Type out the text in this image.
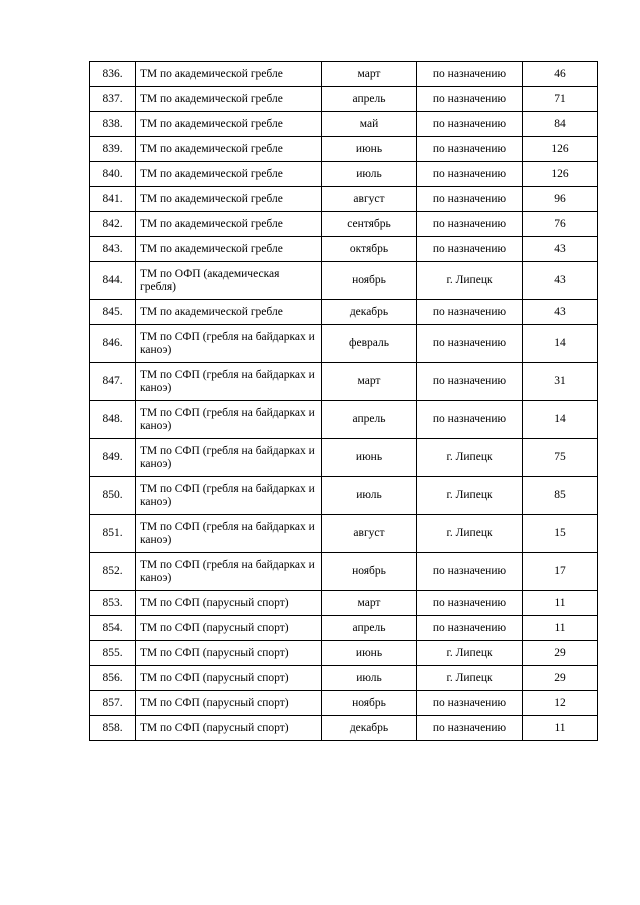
836.	ТМ по академической гребле	март	по назначению	46
837.	ТМ по академической гребле	апрель	по назначению	71
838.	ТМ по академической гребле	май	по назначению	84
839.	ТМ по академической гребле	июнь	по назначению	126
840.	ТМ по академической гребле	июль	по назначению	126
841.	ТМ по академической гребле	август	по назначению	96
842.	ТМ по академической гребле	сентябрь	по назначению	76
843.	ТМ по академической гребле	октябрь	по назначению	43
844.	ТМ по ОФП (академическая гребля)	ноябрь	г. Липецк	43
845.	ТМ по академической гребле	декабрь	по назначению	43
846.	ТМ по СФП (гребля на байдарках и каноэ)	февраль	по назначению	14
847.	ТМ по СФП (гребля на байдарках и каноэ)	март	по назначению	31
848.	ТМ по СФП (гребля на байдарках и каноэ)	апрель	по назначению	14
849.	ТМ по СФП (гребля на байдарках и каноэ)	июнь	г. Липецк	75
850.	ТМ по СФП (гребля на байдарках и каноэ)	июль	г. Липецк	85
851.	ТМ по СФП (гребля на байдарках и каноэ)	август	г. Липецк	15
852.	ТМ по СФП (гребля на байдарках и каноэ)	ноябрь	по назначению	17
853.	ТМ по СФП (парусный спорт)	март	по назначению	11
854.	ТМ по СФП (парусный спорт)	апрель	по назначению	11
855.	ТМ по СФП (парусный спорт)	июнь	г. Липецк	29
856.	ТМ по СФП (парусный спорт)	июль	г. Липецк	29
857.	ТМ по СФП (парусный спорт)	ноябрь	по назначению	12
858.	ТМ по СФП (парусный спорт)	декабрь	по назначению	11
